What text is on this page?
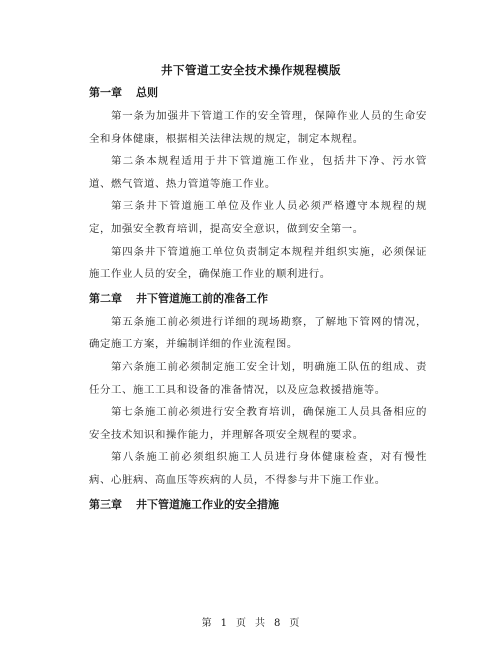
井下管道工安全技术操作规程模版
第一章 总则

第一条为加强井下管道工作的安全管理，保障作业人员的生命安全和身体健康，根据相关法律法规的规定，制定本规程。

第二条本规程适用于井下管道施工作业，包括井下净、污水管道、燃气管道、热力管道等施工作业。

第三条井下管道施工单位及作业人员必须严格遵守本规程的规定，加强安全教育培训，提高安全意识，做到安全第一。

第四条井下管道施工单位负责制定本规程并组织实施，必须保证施工作业人员的安全，确保施工作业的顺利进行。

第二章 井下管道施工前的准备工作

第五条施工前必须进行详细的现场勘察，了解地下管网的情况，确定施工方案，并编制详细的作业流程图。

第六条施工前必须制定施工安全计划，明确施工队伍的组成、责任分工、施工工具和设备的准备情况，以及应急救援措施等。

第七条施工前必须进行安全教育培训，确保施工人员具备相应的安全技术知识和操作能力，并理解各项安全规程的要求。

第八条施工前必须组织施工人员进行身体健康检查，对有慢性病、心脏病、高血压等疾病的人员，不得参与井下施工作业。

第三章 井下管道施工作业的安全措施
第 1 页 共 8 页
